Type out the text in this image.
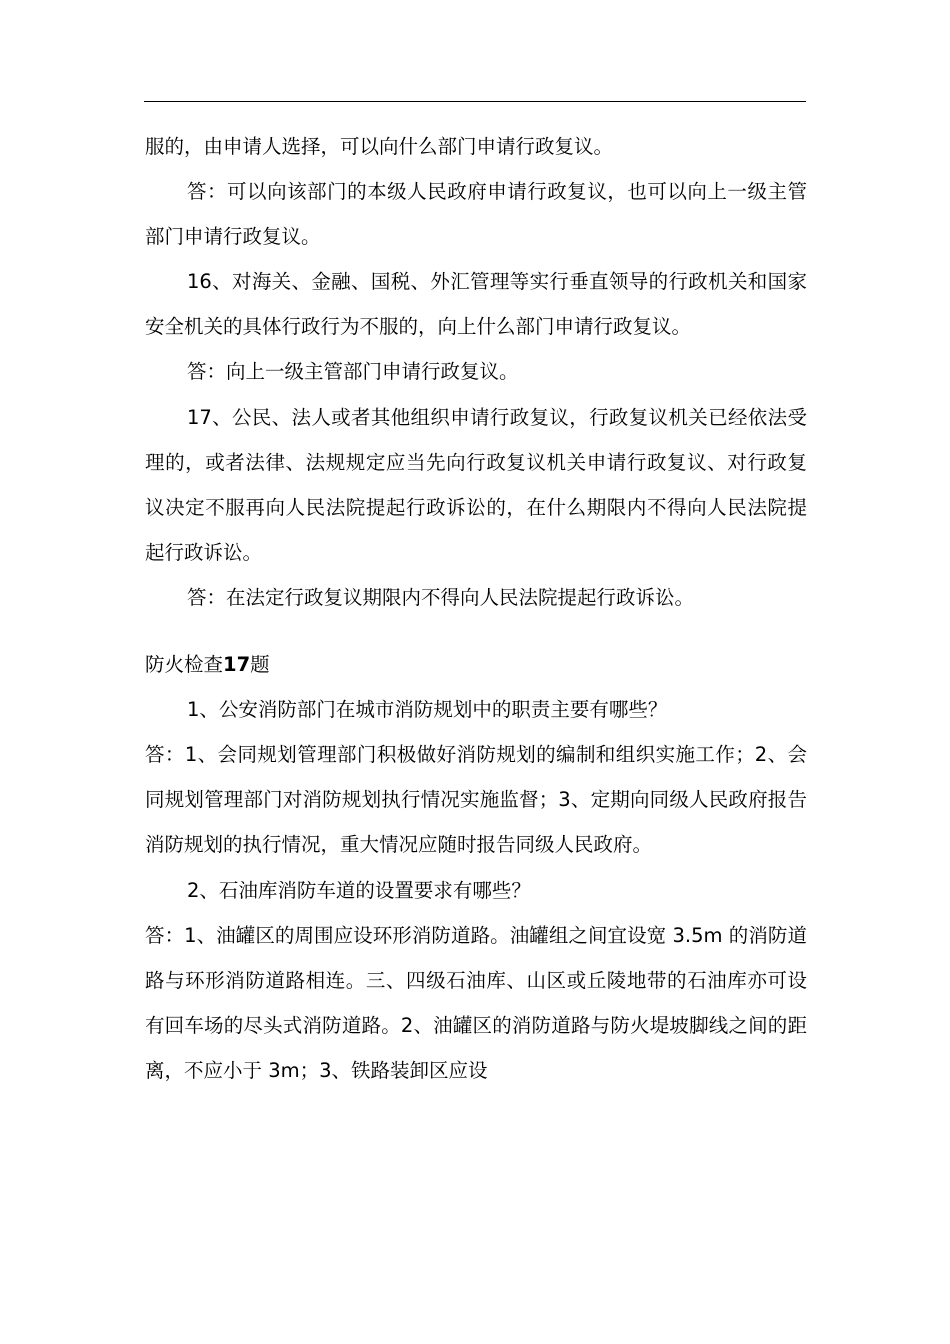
服的，由申请人选择，可以向什么部门申请行政复议。

答：可以向该部门的本级人民政府申请行政复议，也可以向上一级主管部门申请行政复议。

16、对海关、金融、国税、外汇管理等实行垂直领导的行政机关和国家安全机关的具体行政行为不服的，向上什么部门申请行政复议。

答：向上一级主管部门申请行政复议。

17、公民、法人或者其他组织申请行政复议，行政复议机关已经依法受理的，或者法律、法规规定应当先向行政复议机关申请行政复议、对行政复议决定不服再向人民法院提起行政诉讼的，在什么期限内不得向人民法院提起行政诉讼。

答：在法定行政复议期限内不得向人民法院提起行政诉讼。

防火检查17题

1、公安消防部门在城市消防规划中的职责主要有哪些？

答：1、会同规划管理部门积极做好消防规划的编制和组织实施工作；2、会同规划管理部门对消防规划执行情况实施监督；3、定期向同级人民政府报告消防规划的执行情况，重大情况应随时报告同级人民政府。

2、石油库消防车道的设置要求有哪些？

答：1、油罐区的周围应设环形消防道路。油罐组之间宜设宽 3.5m 的消防道路与环形消防道路相连。三、四级石油库、山区或丘陵地带的石油库亦可设有回车场的尽头式消防道路。2、油罐区的消防道路与防火堤坡脚线之间的距离，不应小于 3m；3、铁路装卸区应设
